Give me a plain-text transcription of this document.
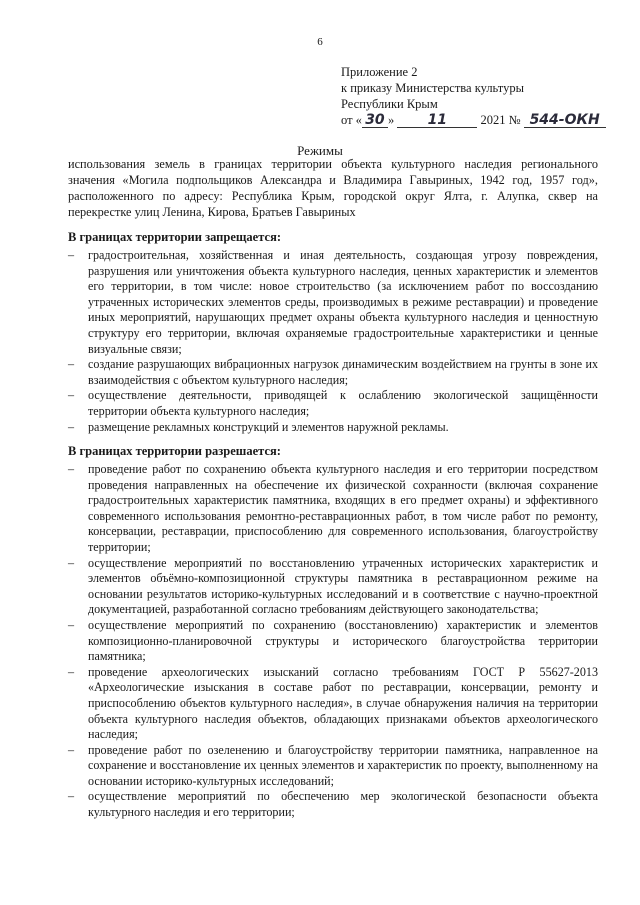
6
Приложение 2
к приказу Министерства культуры
Республики Крым
от « 30 » 11	2021 № 544-ОКН
Режимы
использования земель в границах территории объекта культурного наследия регионального значения «Могила подпольщиков Александра и Владимира Гавыриных, 1942 год, 1957 год», расположенного по адресу: Республика Крым, городской округ Ялта, г. Алупка, сквер на перекрестке улиц Ленина, Кирова, Братьев Гавыриных
В границах территории запрещается:
– градостроительная, хозяйственная и иная деятельность, создающая угрозу повреждения, разрушения или уничтожения объекта культурного наследия, ценных характеристик и элементов его территории, в том числе: новое строительство (за исключением работ по воссозданию утраченных исторических элементов среды, производимых в режиме реставрации) и проведение иных мероприятий, нарушающих предмет охраны объекта культурного наследия и ценностную структуру его территории, включая охраняемые градостроительные характеристики и ценные визуальные связи;
– создание разрушающих вибрационных нагрузок динамическим воздействием на грунты в зоне их взаимодействия с объектом культурного наследия;
– осуществление деятельности, приводящей к ослаблению экологической защищённости территории объекта культурного наследия;
– размещение рекламных конструкций и элементов наружной рекламы.
В границах территории разрешается:
– проведение работ по сохранению объекта культурного наследия и его территории посредством проведения направленных на обеспечение их физической сохранности (включая сохранение градостроительных характеристик памятника, входящих в его предмет охраны) и эффективного современного использования ремонтно-реставрационных работ, в том числе работ по ремонту, консервации, реставрации, приспособлению для современного использования, благоустройству территории;
– осуществление мероприятий по восстановлению утраченных исторических характеристик и элементов объёмно-композиционной структуры памятника в реставрационном режиме на основании результатов историко-культурных исследований и в соответствие с научно-проектной документацией, разработанной согласно требованиям действующего законодательства;
– осуществление мероприятий по сохранению (восстановлению) характеристик и элементов композиционно-планировочной структуры и исторического благоустройства территории памятника;
– проведение археологических изысканий согласно требованиям ГОСТ Р 55627-2013 «Археологические изыскания в составе работ по реставрации, консервации, ремонту и приспособлению объектов культурного наследия», в случае обнаружения наличия на территории объекта культурного наследия объектов, обладающих признаками объектов археологического наследия;
– проведение работ по озеленению и благоустройству территории памятника, направленное на сохранение и восстановление их ценных элементов и характеристик по проекту, выполненному на основании историко-культурных исследований;
– осуществление мероприятий по обеспечению мер экологической безопасности объекта культурного наследия и его территории;
